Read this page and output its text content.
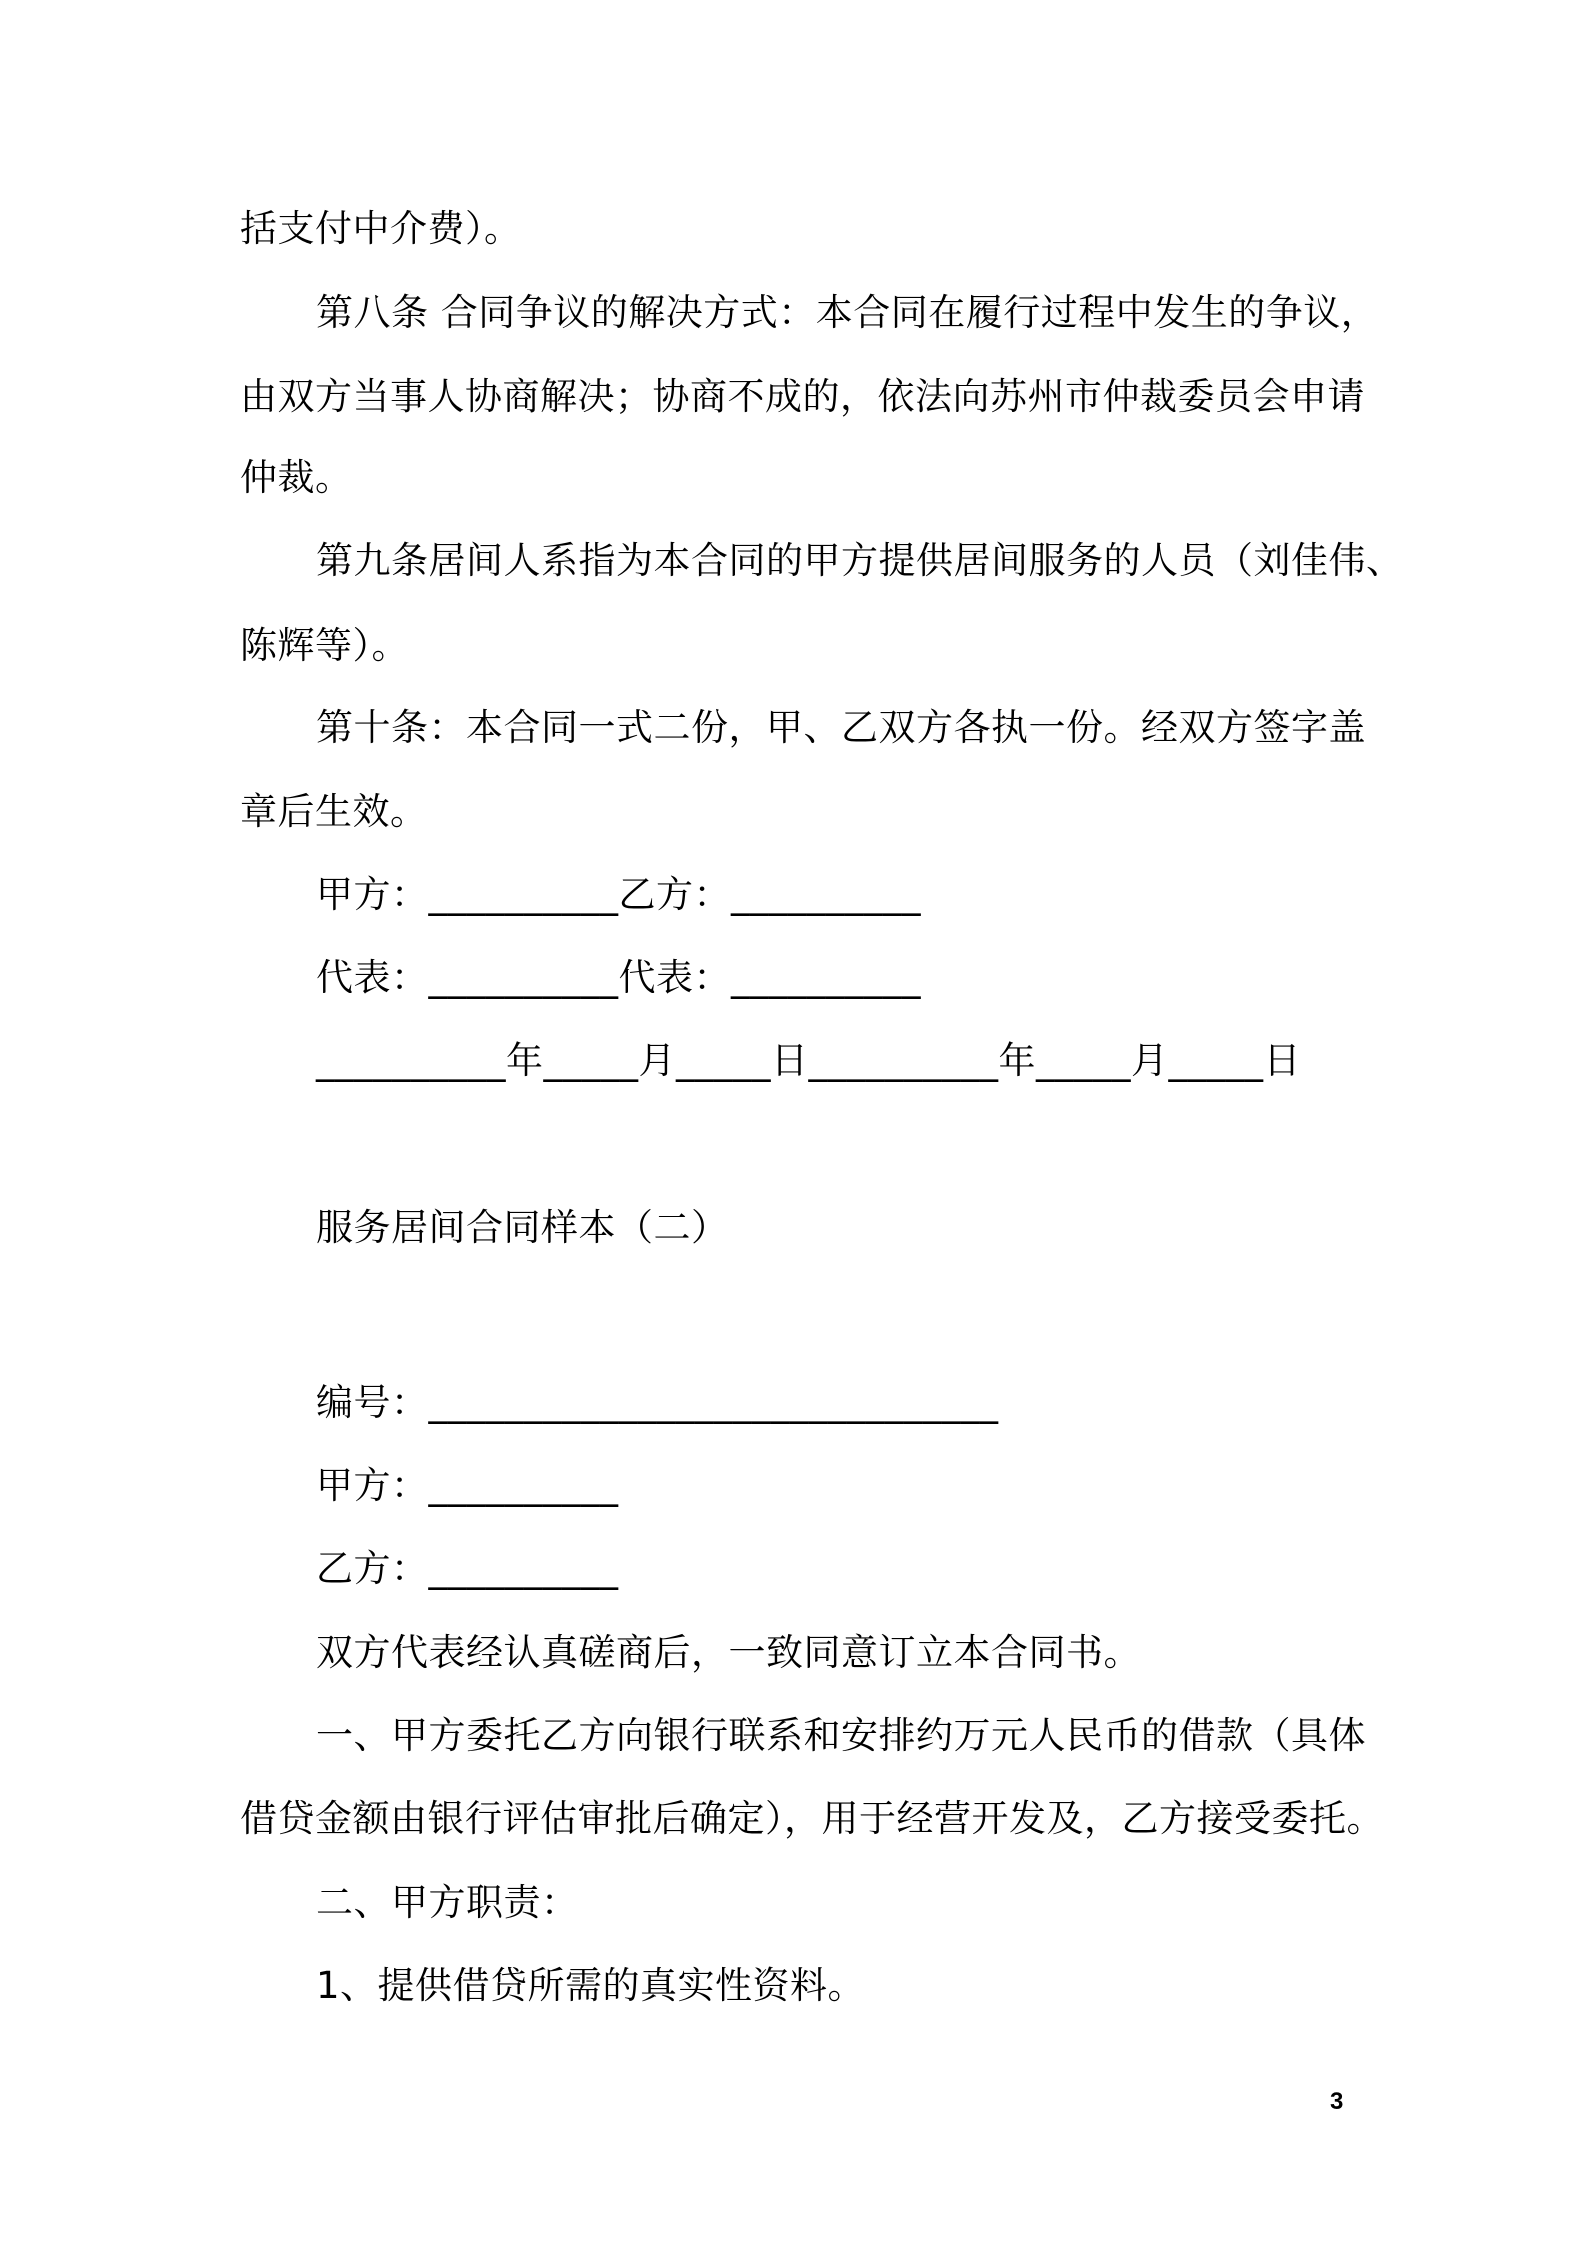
括支付中介费）。
第八条 合同争议的解决方式：本合同在履行过程中发生的争议，
由双方当事人协商解决；协商不成的，依法向苏州市仲裁委员会申请
仲裁。
第九条居间人系指为本合同的甲方提供居间服务的人员（刘佳伟、
陈辉等）。
第十条：本合同一式二份，甲、乙双方各执一份。经双方签字盖
章后生效。
甲方：__________乙方：__________
代表：__________代表：__________
__________年_____月_____日__________年_____月_____日
服务居间合同样本（二）
编号：______________________________
甲方：__________
乙方：__________
双方代表经认真磋商后，一致同意订立本合同书。
一、甲方委托乙方向银行联系和安排约万元人民币的借款（具体
借贷金额由银行评估审批后确定），用于经营开发及，乙方接受委托。
二、甲方职责：
1、提供借贷所需的真实性资料。
3
